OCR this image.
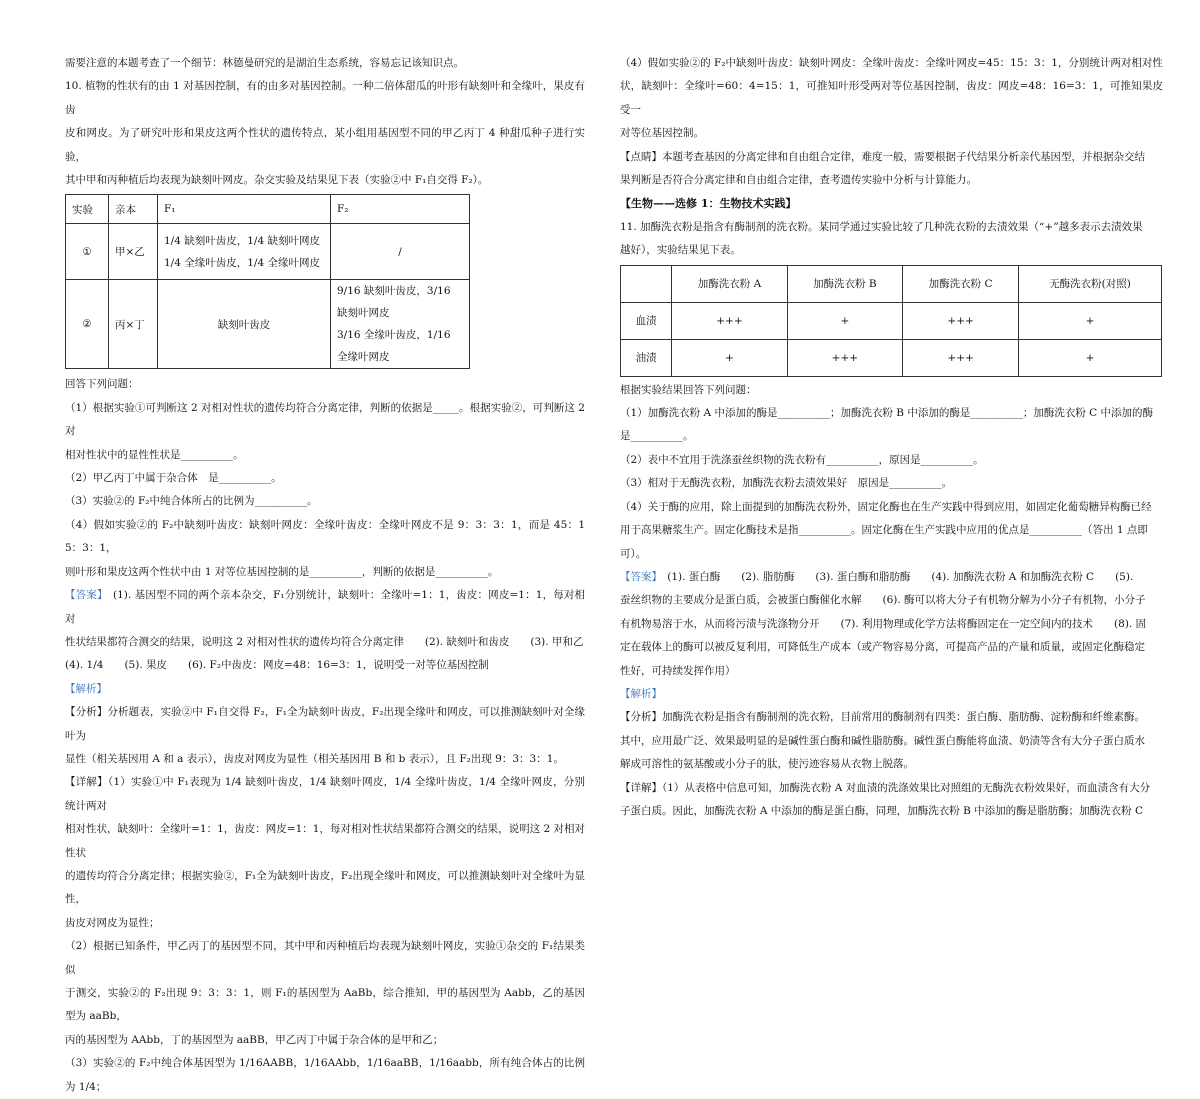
需要注意的本题考查了一个细节：林德曼研究的是湖泊生态系统，容易忘记该知识点。

10. 植物的性状有的由 1 对基因控制，有的由多对基因控制。一种二倍体甜瓜的叶形有缺刻叶和全缘叶，果皮有齿

皮和网皮。为了研究叶形和果皮这两个性状的遗传特点，某小组用基因型不同的甲乙丙丁 4 种甜瓜种子进行实验，

其中甲和丙种植后均表现为缺刻叶网皮。杂交实验及结果见下表（实验②中 F₁自交得 F₂）。

实验	亲本	F₁	F₂
①	甲×乙	1/4 缺刻叶齿皮，1/4 缺刻叶网皮
1/4 全缘叶齿皮，1/4 全缘叶网皮	/
②	丙×丁	缺刻叶齿皮	9/16 缺刻叶齿皮，3/16 缺刻叶网皮
3/16 全缘叶齿皮，1/16 全缘叶网皮

回答下列问题：

（1）根据实验①可判断这 2 对相对性状的遗传均符合分离定律，判断的依据是_____。根据实验②，可判断这 2 对

相对性状中的显性性状是__________。

（2）甲乙丙丁中属于杂合体　是__________。

（3）实验②的 F₂中纯合体所占的比例为__________。

（4）假如实验②的 F₂中缺刻叶齿皮：缺刻叶网皮：全缘叶齿皮：全缘叶网皮不是 9：3：3：1，而是 45：15：3：1，

则叶形和果皮这两个性状中由 1 对等位基因控制的是__________，判断的依据是__________。

【答案】　(1). 基因型不同的两个亲本杂交，F₁分别统计，缺刻叶：全缘叶=1：1，齿皮：网皮=1：1，每对相对

性状结果都符合测交的结果，说明这 2 对相对性状的遗传均符合分离定律　　(2). 缺刻叶和齿皮　　(3). 甲和乙

(4). 1/4　　(5). 果皮　　(6). F₂中齿皮：网皮=48：16=3：1，说明受一对等位基因控制

【解析】

【分析】分析题表，实验②中 F₁自交得 F₂，F₁全为缺刻叶齿皮，F₂出现全缘叶和网皮，可以推测缺刻叶对全缘叶为

显性（相关基因用 A 和 a 表示），齿皮对网皮为显性（相关基因用 B 和 b 表示），且 F₂出现 9：3：3：1。

【详解】（1）实验①中 F₁表现为 1/4 缺刻叶齿皮，1/4 缺刻叶网皮，1/4 全缘叶齿皮，1/4 全缘叶网皮，分别统计两对

相对性状，缺刻叶：全缘叶=1：1，齿皮：网皮=1：1，每对相对性状结果都符合测交的结果，说明这 2 对相对性状

的遗传均符合分离定律；根据实验②，F₁全为缺刻叶齿皮，F₂出现全缘叶和网皮，可以推测缺刻叶对全缘叶为显性，

齿皮对网皮为显性；

（2）根据已知条件，甲乙丙丁的基因型不同，其中甲和丙种植后均表现为缺刻叶网皮，实验①杂交的 F₁结果类似

于测交，实验②的 F₂出现 9：3：3：1，则 F₁的基因型为 AaBb，综合推知，甲的基因型为 Aabb，乙的基因型为 aaBb，

丙的基因型为 AAbb，丁的基因型为 aaBB，甲乙丙丁中属于杂合体的是甲和乙；

（3）实验②的 F₂中纯合体基因型为 1/16AABB，1/16AAbb，1/16aaBB，1/16aabb，所有纯合体占的比例为 1/4；

（4）假如实验②的 F₂中缺刻叶齿皮：缺刻叶网皮：全缘叶齿皮：全缘叶网皮=45：15：3：1，分别统计两对相对性

状，缺刻叶：全缘叶=60：4=15：1，可推知叶形受两对等位基因控制，齿皮：网皮=48：16=3：1，可推知果皮受一

对等位基因控制。

【点睛】本题考查基因的分离定律和自由组合定律，难度一般，需要根据子代结果分析亲代基因型，并根据杂交结

果判断是否符合分离定律和自由组合定律，查考遗传实验中分析与计算能力。

【生物——选修 1：生物技术实践】

11. 加酶洗衣粉是指含有酶制剂的洗衣粉。某同学通过实验比较了几种洗衣粉的去渍效果（“+”越多表示去渍效果

越好），实验结果见下表。

	加酶洗衣粉 A	加酶洗衣粉 B	加酶洗衣粉 C	无酶洗衣粉(对照)
血渍	+++	+	+++	+
油渍	+	+++	+++	+

根据实验结果回答下列问题：

（1）加酶洗衣粉 A 中添加的酶是__________；加酶洗衣粉 B 中添加的酶是__________；加酶洗衣粉 C 中添加的酶

是__________。

（2）表中不宜用于洗涤蚕丝织物的洗衣粉有__________，原因是__________。

（3）相对于无酶洗衣粉，加酶洗衣粉去渍效果好　原因是__________。

（4）关于酶的应用，除上面提到的加酶洗衣粉外，固定化酶也在生产实践中得到应用，如固定化葡萄糖异构酶已经

用于高果糖浆生产。固定化酶技术是指__________。固定化酶在生产实践中应用的优点是__________（答出 1 点即

可）。

【答案】　(1). 蛋白酶　　(2). 脂肪酶　　(3). 蛋白酶和脂肪酶　　(4). 加酶洗衣粉 A 和加酶洗衣粉 C　　(5).

蚕丝织物的主要成分是蛋白质，会被蛋白酶催化水解　　(6). 酶可以将大分子有机物分解为小分子有机物，小分子

有机物易溶于水，从而将污渍与洗涤物分开　　(7). 利用物理或化学方法将酶固定在一定空间内的技术　　(8). 固

定在载体上的酶可以被反复利用，可降低生产成本（或产物容易分离，可提高产品的产量和质量，或固定化酶稳定

性好，可持续发挥作用）

【解析】

【分析】加酶洗衣粉是指含有酶制剂的洗衣粉，目前常用的酶制剂有四类：蛋白酶、脂肪酶、淀粉酶和纤维素酶。

其中，应用最广泛、效果最明显的是碱性蛋白酶和碱性脂肪酶。碱性蛋白酶能将血渍、奶渍等含有大分子蛋白质水

解成可溶性的氨基酸或小分子的肽，使污迹容易从衣物上脱落。

【详解】（1）从表格中信息可知，加酶洗衣粉 A 对血渍的洗涤效果比对照组的无酶洗衣粉效果好，而血渍含有大分

子蛋白质。因此，加酶洗衣粉 A 中添加的酶是蛋白酶，同理，加酶洗衣粉 B 中添加的酶是脂肪酶；加酶洗衣粉 C
